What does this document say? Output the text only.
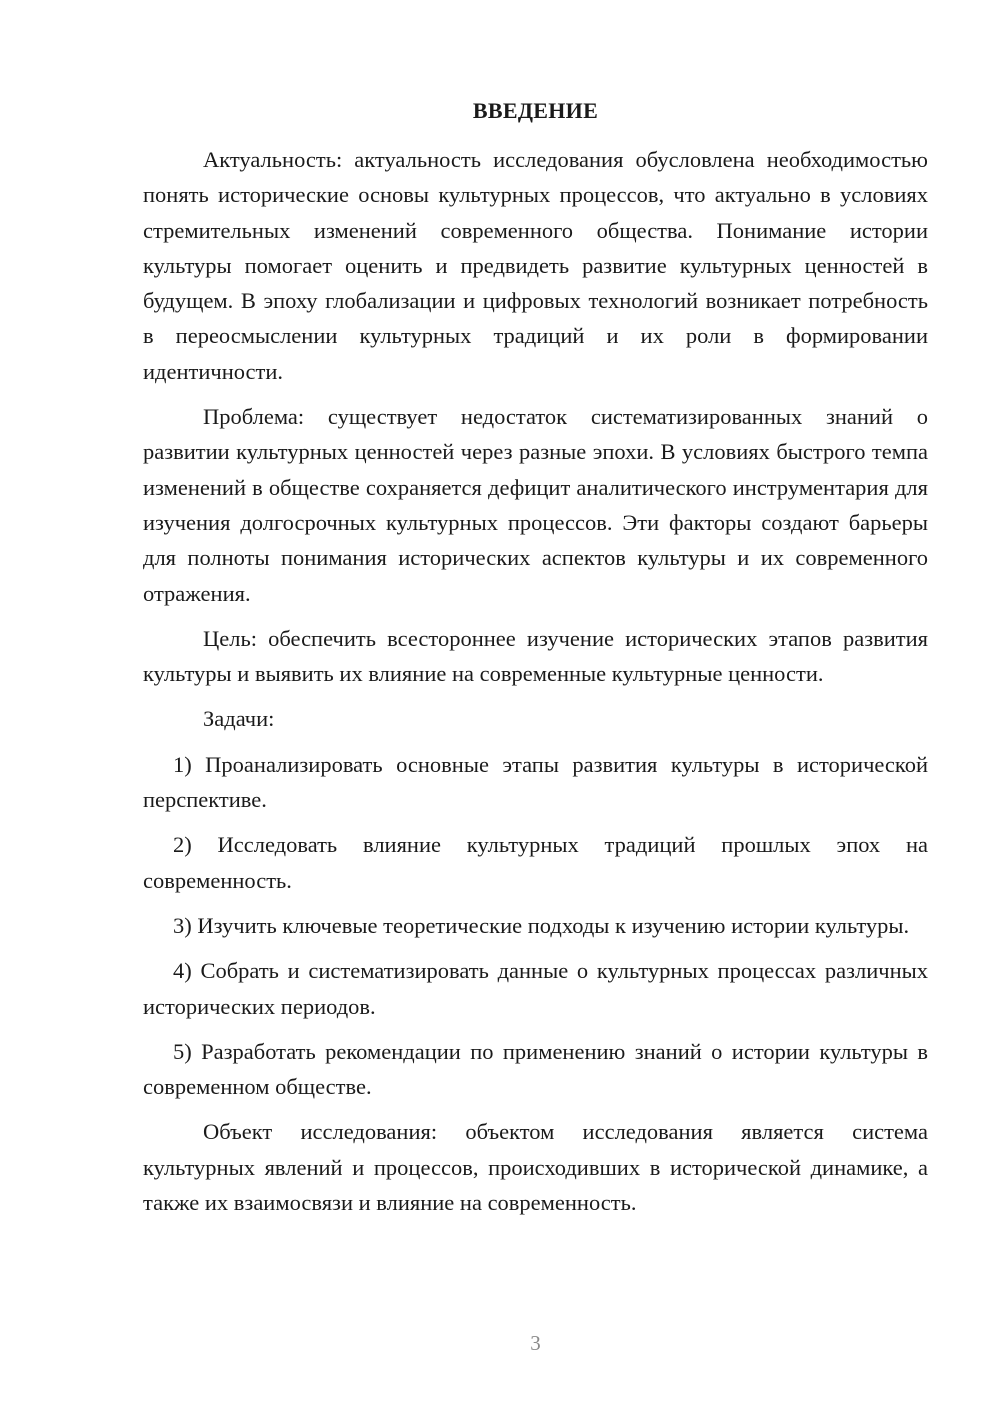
ВВЕДЕНИЕ

Актуальность: актуальность исследования обусловлена необходимостью понять исторические основы культурных процессов, что актуально в условиях стремительных изменений современного общества. Понимание истории культуры помогает оценить и предвидеть развитие культурных ценностей в будущем. В эпоху глобализации и цифровых технологий возникает потребность в переосмыслении культурных традиций и их роли в формировании идентичности.

Проблема: существует недостаток систематизированных знаний о развитии культурных ценностей через разные эпохи. В условиях быстрого темпа изменений в обществе сохраняется дефицит аналитического инструментария для изучения долгосрочных культурных процессов. Эти факторы создают барьеры для полноты понимания исторических аспектов культуры и их современного отражения.

Цель: обеспечить всестороннее изучение исторических этапов развития культуры и выявить их влияние на современные культурные ценности.

Задачи:

1) Проанализировать основные этапы развития культуры в исторической перспективе.

2) Исследовать влияние культурных традиций прошлых эпох на современность.

3) Изучить ключевые теоретические подходы к изучению истории культуры.

4) Собрать и систематизировать данные о культурных процессах различных исторических периодов.

5) Разработать рекомендации по применению знаний о истории культуры в современном обществе.

Объект исследования: объектом исследования является система культурных явлений и процессов, происходивших в исторической динамике, а также их взаимосвязи и влияние на современность.

3
